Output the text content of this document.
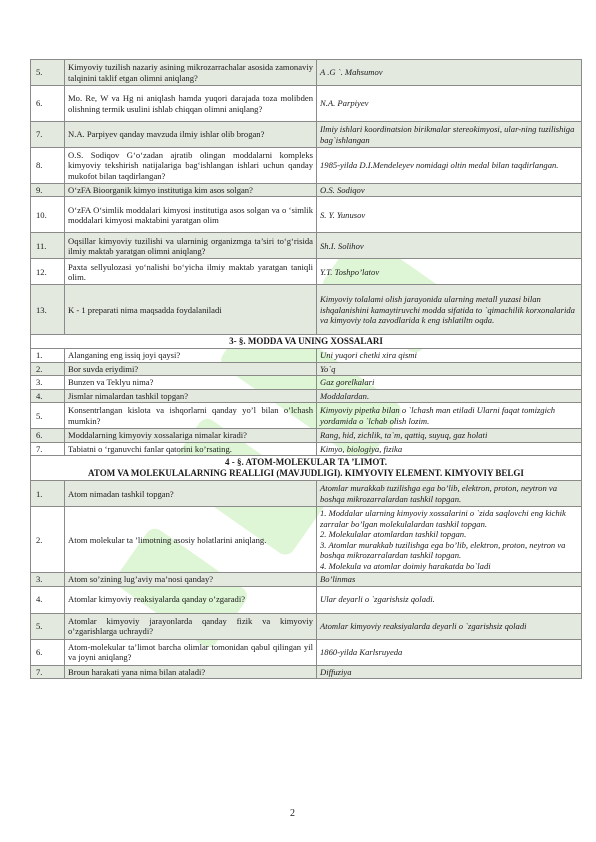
5.	Kimyoviy tuzilish nazariy asining mikrozarrachalar asosida zamonaviy talqinini taklif etgan olimni aniqlang?	A .G `. Mahsumov
6.	Mo. Re, W va Hg ni aniqlash hamda yuqori darajada toza molibden olishning termik usulini ishlab chiqqan olimni aniqlang?	N.A. Parpiyev
7.	N.A. Parpiyev qanday mavzuda ilmiy ishlar olib brogan?	Ilmiy ishlari koordinatsion birikmalar stereokimyosi, ular-ning tuzilishiga bag`ishlangan
8.	O.S. Sodiqov G‘o‘zadan ajratib olingan moddalarni kompleks kimyoviy tekshirish natijalariga bag‘ishlangan ishlari uchun qanday mukofot bilan taqdirlangan?	1985-yilda D.I.Mendeleyev nomidagi oltin medal bilan taqdirlangan.
9.	O‘zFA Bioorganik kimyo institutiga kim asos solgan?	O.S. Sodiqov
10.	O‘zFA O‘simlik moddalari kimyosi institutiga asos solgan va o ‘simlik moddalari kimyosi maktabini yaratgan olim	S. Y. Yunusov
11.	Oqsillar kimyoviy tuzilishi va ularninig organizmga ta’siri to‘g‘risida ilmiy maktab yaratgan olimni aniqlang?	Sh.I. Solihov
12.	Paxta sellyulozasi yo‘nalishi bo‘yicha ilmiy maktab yaratgan taniqli olim.	Y.T. Toshpo’latov
13.	K - 1 preparati nima maqsadda foydalaniladi	Kimyoviy tolalami olish jarayonida ularning metall yuzasi bilan ishqalanishini kamaytiruvchi modda sifatida to `qimachilik korxonalarida va kimyoviy tola zavodlarida k eng ishlatiltn oqda.

3- §. MODDA VA UNING XOSSALARI		

1.	Alanganing eng issiq joyi qaysi?	Uni yuqori chetki xira qismi
2.	Bor suvda eriydimi?	Yo`q
3.	Bunzen va Teklyu nima?	Gaz gorelkalari
4.	Jismlar nimalardan tashkil topgan?	Moddalardan.
5.	Konsentrlangan kislota va ishqorlarni qanday yo’l bilan o’lchash mumkin?	Kimyoviy pipetka bilan o `lchash man etiladi Ularni faqat tomizgich yordamida o `lchab olish lozim.
6.	Moddalarning kimyoviy xossalariga nimalar kiradi?	Rang, hid, zichlik, ta`m, qattiq, suyuq, gaz holati
7.	Tabiatni o ‘rganuvchi fanlar qatorini ko’rsating.	Kimyo, biologiya, fizika

4 - §. ATOM-MOLEKULAR TA ’LIMOT.
ATOM VA MOLEKULALARNING REALLIGI (MAVJUDLIGI). KIMYOVIY ELEMENT. KIMYOVIY BELGI		

1.	Atom nimadan tashkil topgan?	Atomlar murakkab tuzilishga ega bo’lib, elektron, proton, neytron va boshqa mikrozarralardan tashkil topgan.
2.	Atom molekular ta ’limotning asosiy holatlarini aniqlang.	1. Moddalar ularning kimyoviy xossalarini o `zida saqlovchi eng kichik zarralar bo’lgan molekulalardan tashkil topgan.
2. Molekulalar atomlardan tashkil topgan.
3. Atomlar murakkab tuzilishga ega bo’lib, elektron, proton, neytron va boshqa mikrozarralardan tashkil topgan.
4. Molekula va atomlar doimiy harakatda bo`ladi

3.	Atom so’zining lug’aviy ma’nosi qanday?	Bo’linmas
4.	Atomlar kimyoviy reaksiyalarda qanday o’zgaradi?	Ular deyarli o `zgarishsiz qoladi.
5.	Atomlar kimyoviy jarayonlarda qanday fizik va kimyoviy o’zgarishlarga uchraydi?	Atomlar kimyoviy reaksiyalarda deyarli o `zgarishsiz qoladi
6.	Atom-molekular ta’limot barcha olimlar tomonidan qabul qilingan yil va joyni aniqlang?	1860-yilda Karlsruyeda
7.	Broun harakati yana nima bilan ataladi?	Diffuziya
2
